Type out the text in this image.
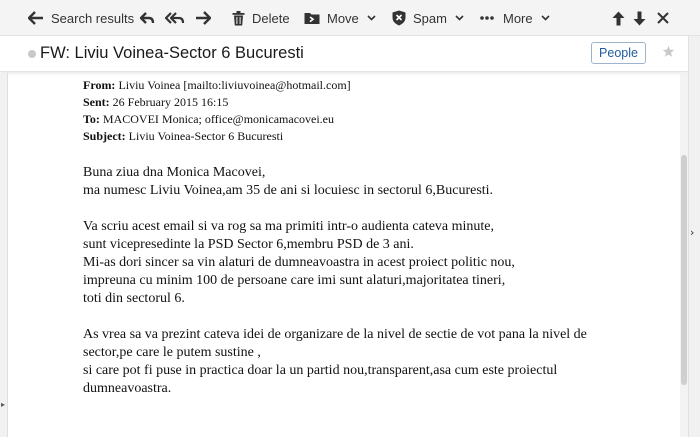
Search results	Delete	Move	Spam	More
FW: Liviu Voinea-Sector 6 Bucuresti	People
›
▸
From: Liviu Voinea [mailto:liviuvoinea@hotmail.com]
Sent: 26 February 2015 16:15
To: MACOVEI Monica; office@monicamacovei.eu
Subject: Liviu Voinea-Sector 6 Bucuresti
Buna ziua dna Monica Macovei,
ma numesc Liviu Voinea,am 35 de ani si locuiesc in sectorul 6,Bucuresti.
Va scriu acest email si va rog sa ma primiti intr-o audienta cateva minute,
sunt vicepresedinte la PSD Sector 6,membru PSD de 3 ani.
Mi-as dori sincer sa vin alaturi de dumneavoastra in acest proiect politic nou,
impreuna cu minim 100 de persoane care imi sunt alaturi,majoritatea tineri,
toti din sectorul 6.
As vrea sa va prezint cateva idei de organizare de la nivel de sectie de vot pana la nivel de
sector,pe care le putem sustine ,
si care pot fi puse in practica doar la un partid nou,transparent,asa cum este proiectul
dumneavoastra.
